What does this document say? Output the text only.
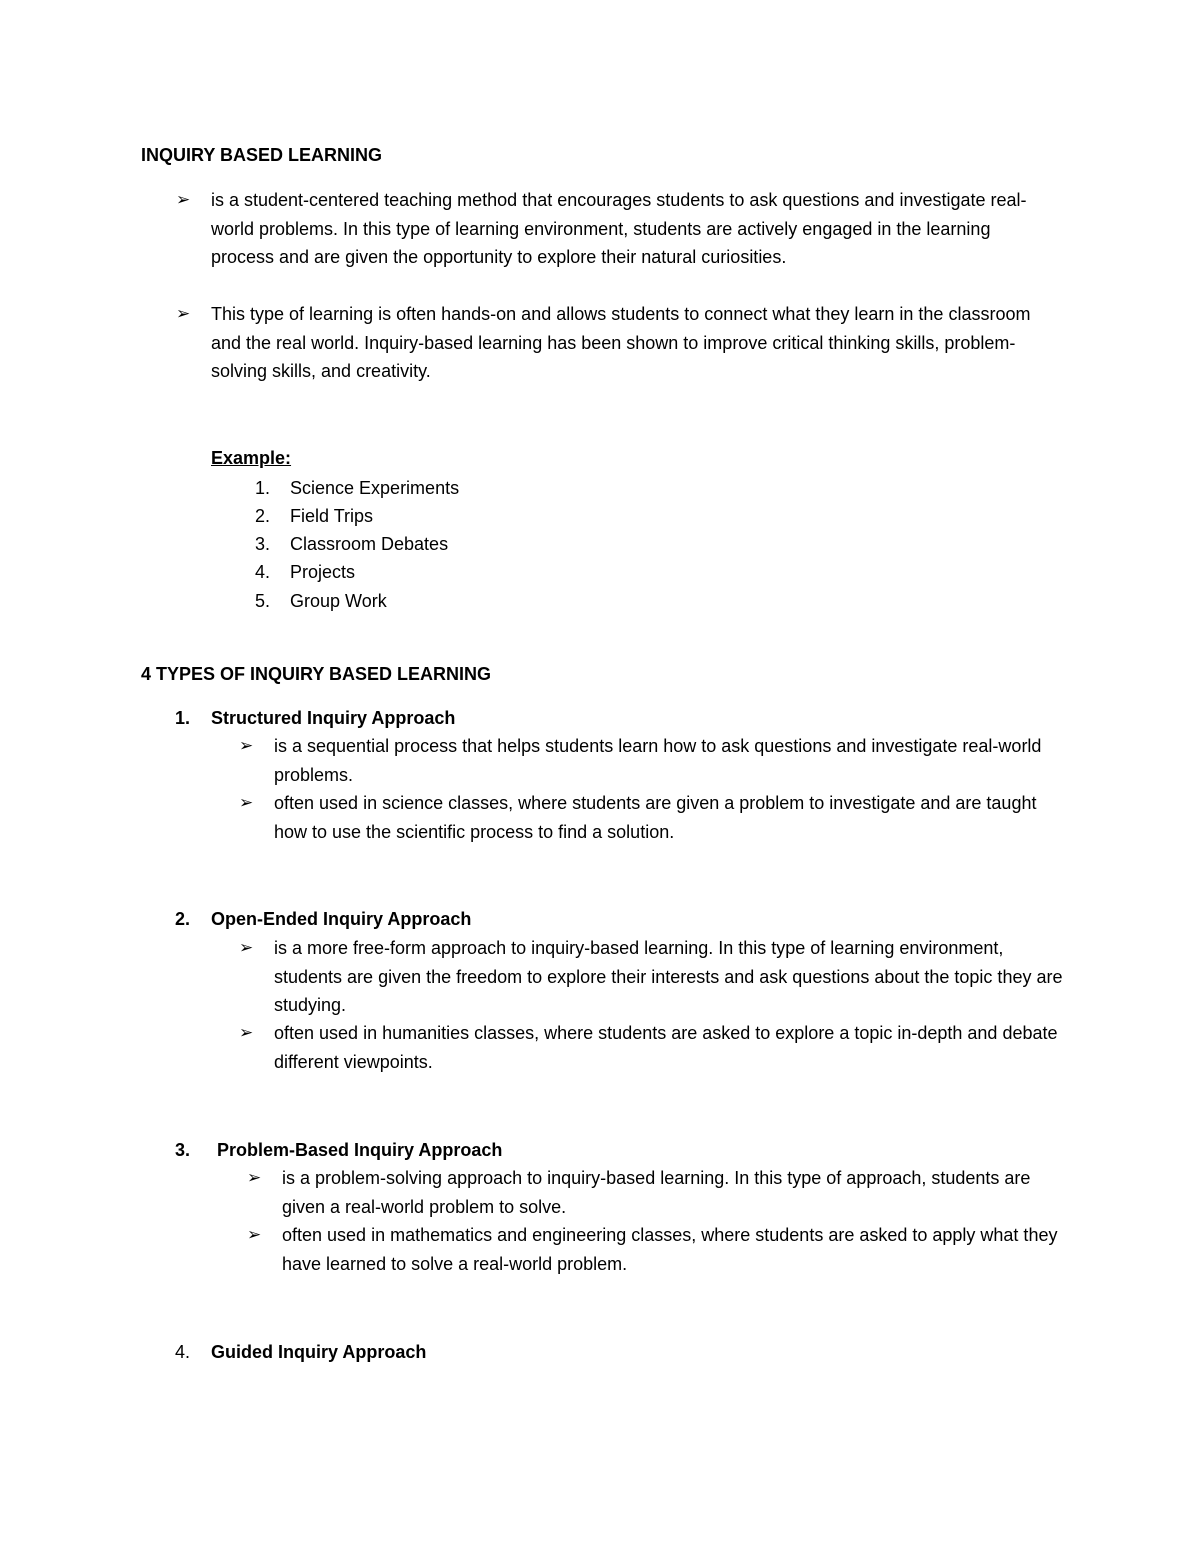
INQUIRY BASED LEARNING
➢	is a student-centered teaching method that encourages students to ask questions and investigate real-world problems. In this type of learning environment, students are actively engaged in the learning process and are given the opportunity to explore their natural curiosities.
➢	This type of learning is often hands-on and allows students to connect what they learn in the classroom and the real world. Inquiry-based learning has been shown to improve critical thinking skills, problem-solving skills, and creativity.
Example:
1. Science Experiments
2. Field Trips
3. Classroom Debates
4. Projects
5. Group Work
4 TYPES OF INQUIRY BASED LEARNING
1. Structured Inquiry Approach
➢	is a sequential process that helps students learn how to ask questions and investigate real-world problems.
➢	often used in science classes, where students are given a problem to investigate and are taught how to use the scientific process to find a solution.
2. Open-Ended Inquiry Approach
➢	is a more free-form approach to inquiry-based learning. In this type of learning environment, students are given the freedom to explore their interests and ask questions about the topic they are studying.
➢	often used in humanities classes, where students are asked to explore a topic in-depth and debate different viewpoints.
3. Problem-Based Inquiry Approach
➢	is a problem-solving approach to inquiry-based learning. In this type of approach, students are given a real-world problem to solve.
➢	often used in mathematics and engineering classes, where students are asked to apply what they have learned to solve a real-world problem.
4. Guided Inquiry Approach
